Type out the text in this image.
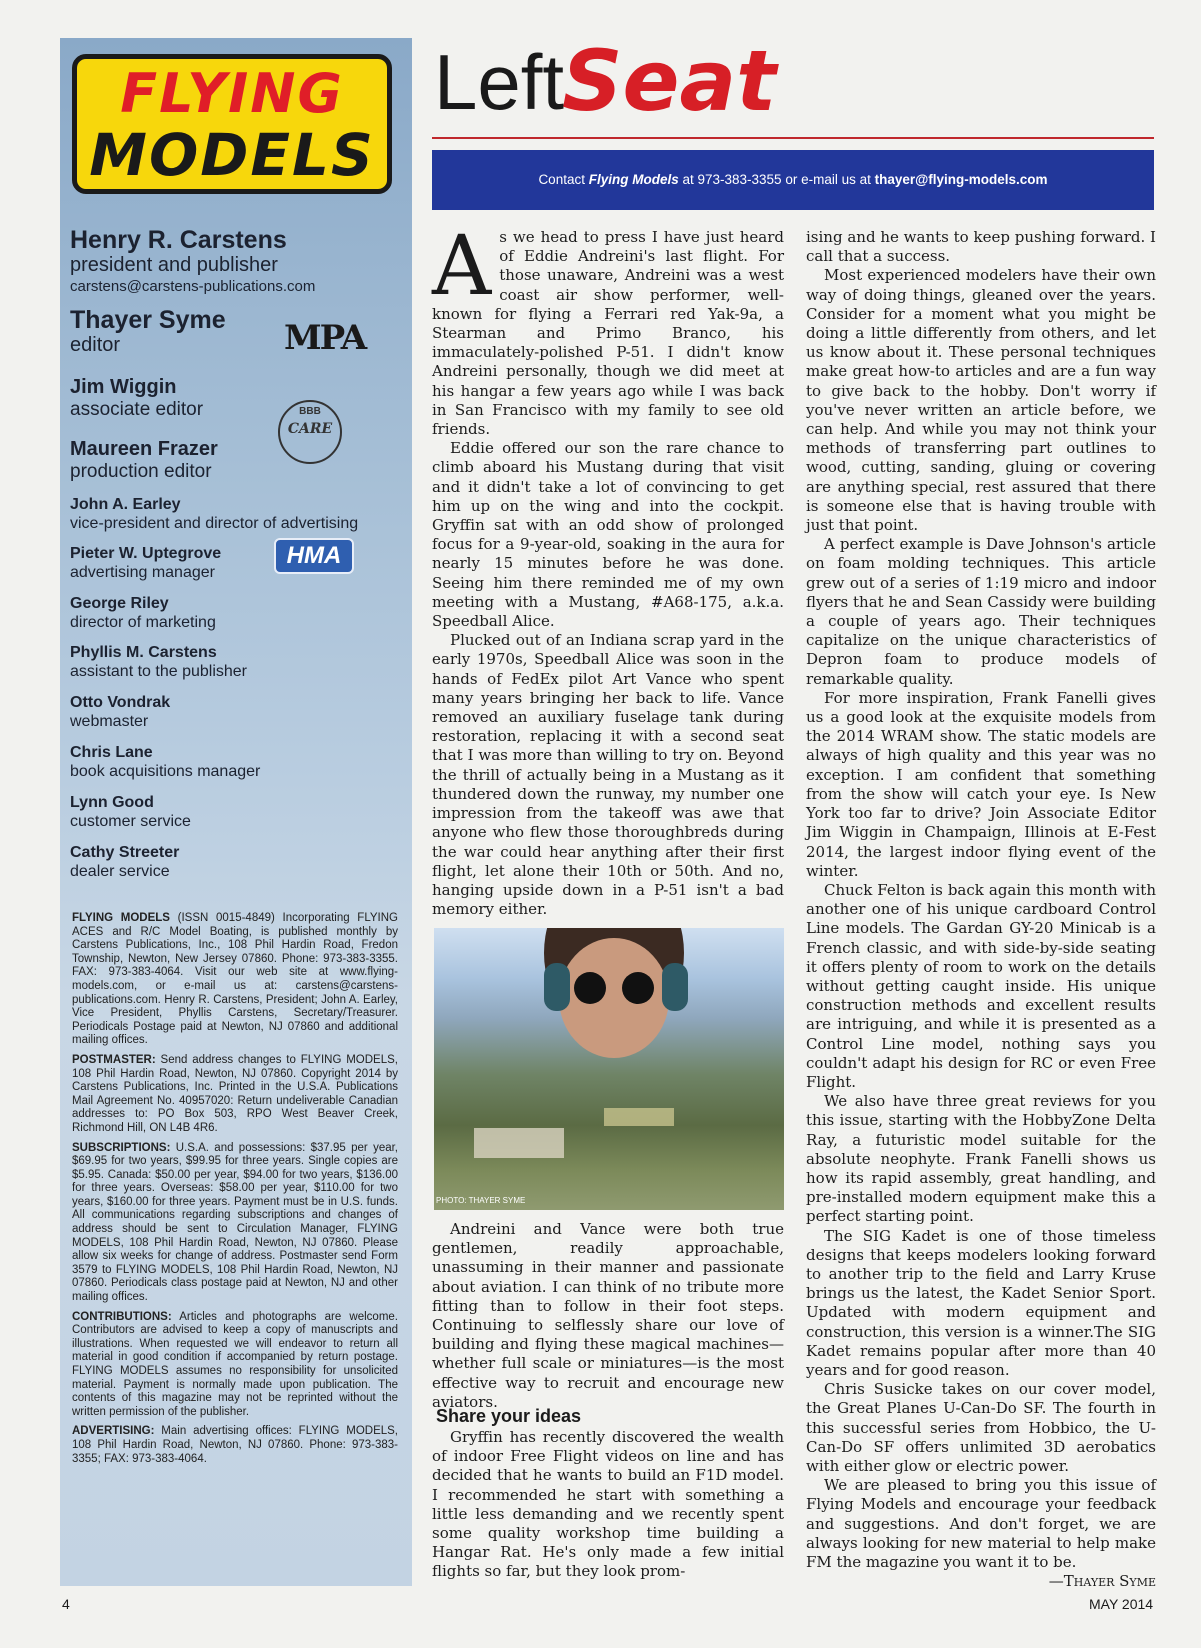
FLYING
MODELS
Henry R. Carstens
president and publisher
carstens@carstens-publications.com
Thayer Syme
editor
Jim Wiggin
associate editor
Maureen Frazer
production editor
John A. Earley
vice-president and director of advertising
Pieter W. Uptegrove
advertising manager
George Riley
director of marketing
Phyllis M. Carstens
assistant to the publisher
Otto Vondrak
webmaster
Chris Lane
book acquisitions manager
Lynn Good
customer service
Cathy Streeter
dealer service
MPA
BBB
CARE
HMA

FLYING MODELS (ISSN 0015-4849) Incorporating FLYING ACES and R/C Model Boating, is published monthly by Carstens Publications, Inc., 108 Phil Hardin Road, Fredon Township, Newton, New Jersey 07860. Phone: 973-383-3355. FAX: 973-383-4064. Visit our web site at www.flying-models.com, or e-mail us at: carstens@carstens-publications.com. Henry R. Carstens, President; John A. Earley, Vice President, Phyllis Carstens, Secretary/Treasurer. Periodicals Postage paid at Newton, NJ 07860 and additional mailing offices.

POSTMASTER: Send address changes to FLYING MODELS, 108 Phil Hardin Road, Newton, NJ 07860. Copyright 2014 by Carstens Publications, Inc. Printed in the U.S.A. Publications Mail Agreement No. 40957020: Return undeliverable Canadian addresses to: PO Box 503, RPO West Beaver Creek, Richmond Hill, ON L4B 4R6.

SUBSCRIPTIONS: U.S.A. and possessions: $37.95 per year, $69.95 for two years, $99.95 for three years. Single copies are $5.95. Canada: $50.00 per year, $94.00 for two years, $136.00 for three years. Overseas: $58.00 per year, $110.00 for two years, $160.00 for three years. Payment must be in U.S. funds. All communications regarding subscriptions and changes of address should be sent to Circulation Manager, FLYING MODELS, 108 Phil Hardin Road, Newton, NJ 07860. Please allow six weeks for change of address. Postmaster send Form 3579 to FLYING MODELS, 108 Phil Hardin Road, Newton, NJ 07860. Periodicals class postage paid at Newton, NJ and other mailing offices.

CONTRIBUTIONS: Articles and photographs are welcome. Contributors are advised to keep a copy of manuscripts and illustrations. When requested we will endeavor to return all material in good condition if accompanied by return postage. FLYING MODELS assumes no responsibility for unsolicited material. Payment is normally made upon publication. The contents of this magazine may not be reprinted without the written permission of the publisher.

ADVERTISING: Main advertising offices: FLYING MODELS, 108 Phil Hardin Road, Newton, NJ 07860. Phone: 973-383-3355; FAX: 973-383-4064.

Left
Seat
Contact Flying Models at 973-383-3355 or e-mail us at thayer@flying-models.com

As we head to press I have just heard of Eddie Andreini's last flight. For those unaware, Andreini was a west coast air show performer, well-known for flying a Ferrari red Yak-9a, a Stearman and Primo Branco, his immaculately-polished P-51. I didn't know Andreini personally, though we did meet at his hangar a few years ago while I was back in San Francisco with my family to see old friends.

Eddie offered our son the rare chance to climb aboard his Mustang during that visit and it didn't take a lot of convincing to get him up on the wing and into the cockpit. Gryffin sat with an odd show of prolonged focus for a 9-year-old, soaking in the aura for nearly 15 minutes before he was done. Seeing him there reminded me of my own meeting with a Mustang, #A68-175, a.k.a. Speedball Alice.

Plucked out of an Indiana scrap yard in the early 1970s, Speedball Alice was soon in the hands of FedEx pilot Art Vance who spent many years bringing her back to life. Vance removed an auxiliary fuselage tank during restoration, replacing it with a second seat that I was more than willing to try on. Beyond the thrill of actually being in a Mustang as it thundered down the runway, my number one impression from the takeoff was awe that anyone who flew those thoroughbreds during the war could hear anything after their first flight, let alone their 10th or 50th. And no, hanging upside down in a P-51 isn't a bad memory either.

PHOTO: THAYER SYME

Andreini and Vance were both true gentlemen, readily approachable, unassuming in their manner and passionate about aviation. I can think of no tribute more fitting than to follow in their foot steps. Continuing to selflessly share our love of building and flying these magical machines—whether full scale or miniatures—is the most effective way to recruit and encourage new aviators.

Share your ideas

Gryffin has recently discovered the wealth of indoor Free Flight videos on line and has decided that he wants to build an F1D model. I recommended he start with something a little less demanding and we recently spent some quality workshop time building a Hangar Rat. He's only made a few initial flights so far, but they look prom-

ising and he wants to keep pushing forward. I call that a success.

Most experienced modelers have their own way of doing things, gleaned over the years. Consider for a moment what you might be doing a little differently from others, and let us know about it. These personal techniques make great how-to articles and are a fun way to give back to the hobby. Don't worry if you've never written an article before, we can help. And while you may not think your methods of transferring part outlines to wood, cutting, sanding, gluing or covering are anything special, rest assured that there is someone else that is having trouble with just that point.

A perfect example is Dave Johnson's article on foam molding techniques. This article grew out of a series of 1:19 micro and indoor flyers that he and Sean Cassidy were building a couple of years ago. Their techniques capitalize on the unique characteristics of Depron foam to produce models of remarkable quality.

For more inspiration, Frank Fanelli gives us a good look at the exquisite models from the 2014 WRAM show. The static models are always of high quality and this year was no exception. I am confident that something from the show will catch your eye. Is New York too far to drive? Join Associate Editor Jim Wiggin in Champaign, Illinois at E-Fest 2014, the largest indoor flying event of the winter.

Chuck Felton is back again this month with another one of his unique cardboard Control Line models. The Gardan GY-20 Minicab is a French classic, and with side-by-side seating it offers plenty of room to work on the details without getting caught inside. His unique construction methods and excellent results are intriguing, and while it is presented as a Control Line model, nothing says you couldn't adapt his design for RC or even Free Flight.

We also have three great reviews for you this issue, starting with the HobbyZone Delta Ray, a futuristic model suitable for the absolute neophyte. Frank Fanelli shows us how its rapid assembly, great handling, and pre-installed modern equipment make this a perfect starting point.

The SIG Kadet is one of those timeless designs that keeps modelers looking forward to another trip to the field and Larry Kruse brings us the latest, the Kadet Senior Sport. Updated with modern equipment and construction, this version is a winner.The SIG Kadet remains popular after more than 40 years and for good reason.

Chris Susicke takes on our cover model, the Great Planes U-Can-Do SF. The fourth in this successful series from Hobbico, the U-Can-Do SF offers unlimited 3D aerobatics with either glow or electric power.

We are pleased to bring you this issue of Flying Models and encourage your feedback and suggestions. And don't forget, we are always looking for new material to help make FM the magazine you want it to be.

—Thayer Syme

4	MAY 2014
